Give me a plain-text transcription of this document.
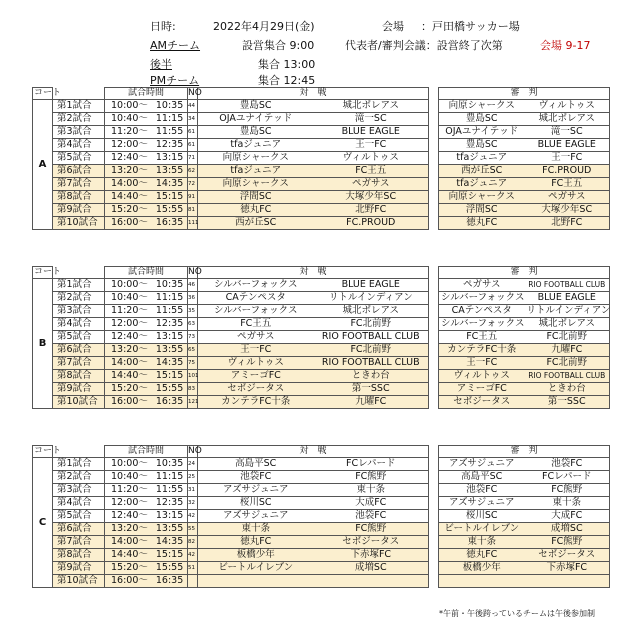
日時:	2022年4月29日(金)	会場 ：戸田橋サッカー場
AMチーム	設営集合 9:00	代表者/審判会議：設営終了次第	会場 9-17
後半	集合 13:00
PMチーム	集合 12:45
コート		試合時間	NO	対　戦	
A	第1試合	10:00～ 10:35	44	豊島SC	城北ボレアス
	第2試合	10:40～ 11:15	34	OJAユナイテッド	滝一SC
	第3試合	11:20～ 11:55	61	豊島SC	BLUE EAGLE
	第4試合	12:00～ 12:35	61	tfaジュニア	王一FC
	第5試合	12:40～ 13:15	71	向原シャークス	ヴィルトゥス
	第6試合	13:20～ 13:55	62	tfaジュニア	FC王五
	第7試合	14:00～ 14:35	72	向原シャークス	ペガサス
	第8試合	14:40～ 15:15	91	浮間SC	大塚少年SC
	第9試合	15:20～ 15:55	81	徳丸FC	北野FC
	第10試合	16:00～ 16:35	111	西が丘SC	FC.PROUD
審　判	
向原シャークス	ヴィルトゥス
豊島SC	城北ボレアス
OJAユナイテッド	滝一SC
豊島SC	BLUE EAGLE
tfaジュニア	王一FC
西が丘SC	FC.PROUD
tfaジュニア	FC王五
向原シャークス	ペガサス
浮間SC	大塚少年SC
徳丸FC	北野FC
コート		試合時間	NO	対　戦	
B	第1試合	10:00～ 10:35	46	シルバーフォックス	BLUE EAGLE
	第2試合	10:40～ 11:15	36	CAテンペスタ	リトルインディアン
	第3試合	11:20～ 11:55	35	シルバーフォックス	城北ボレアス
	第4試合	12:00～ 12:35	63	FC王五	FC北前野
	第5試合	12:40～ 13:15	73	ペガサス	RIO FOOTBALL CLUB
	第6試合	13:20～ 13:55	65	王一FC	FC北前野
	第7試合	14:00～ 14:35	75	ヴィルトゥス	RIO FOOTBALL CLUB
	第8試合	14:40～ 15:15	101	アミーゴFC	ときわ台
	第9試合	15:20～ 15:55	83	セボジータス	第一SSC
	第10試合	16:00～ 16:35	121	カンテラFC十条	九曜FC
審　判	
ペガサス	RIO FOOTBALL CLUB
シルバーフォックス	BLUE EAGLE
CAテンペスタ	リトルインディアン
シルバーフォックス	城北ボレアス
FC王五	FC北前野
カンテラFC十条	九曜FC
王一FC	FC北前野
ヴィルトゥス	RIO FOOTBALL CLUB
アミーゴFC	ときわ台
セボジータス	第一SSC
コート		試合時間	NO	対　戦	
C	第1試合	10:00～ 10:35	24	高島平SC	FCレパード
	第2試合	10:40～ 11:15	25	池袋FC	FC熊野
	第3試合	11:20～ 11:55	31	アズサジュニア	東十条
	第4試合	12:00～ 12:35	32	桜川SC	大成FC
	第5試合	12:40～ 13:15	42	アズサジュニア	池袋FC
	第6試合	13:20～ 13:55	55	東十条	FC熊野
	第7試合	14:00～ 14:35	82	徳丸FC	セボジータス
	第8試合	14:40～ 15:15	42	板橋少年	下赤塚FC
	第9試合	15:20～ 15:55	51	ビートルイレブン	成増SC
	第10試合	16:00～ 16:35			
審　判	
アズサジュニア	池袋FC
高島平SC	FCレパード
池袋FC	FC熊野
アズサジュニア	東十条
桜川SC	大成FC
ビートルイレブン	成増SC
東十条	FC熊野
徳丸FC	セボジータス
板橋少年	下赤塚FC

*午前・午後跨っているチームは午後参加制
